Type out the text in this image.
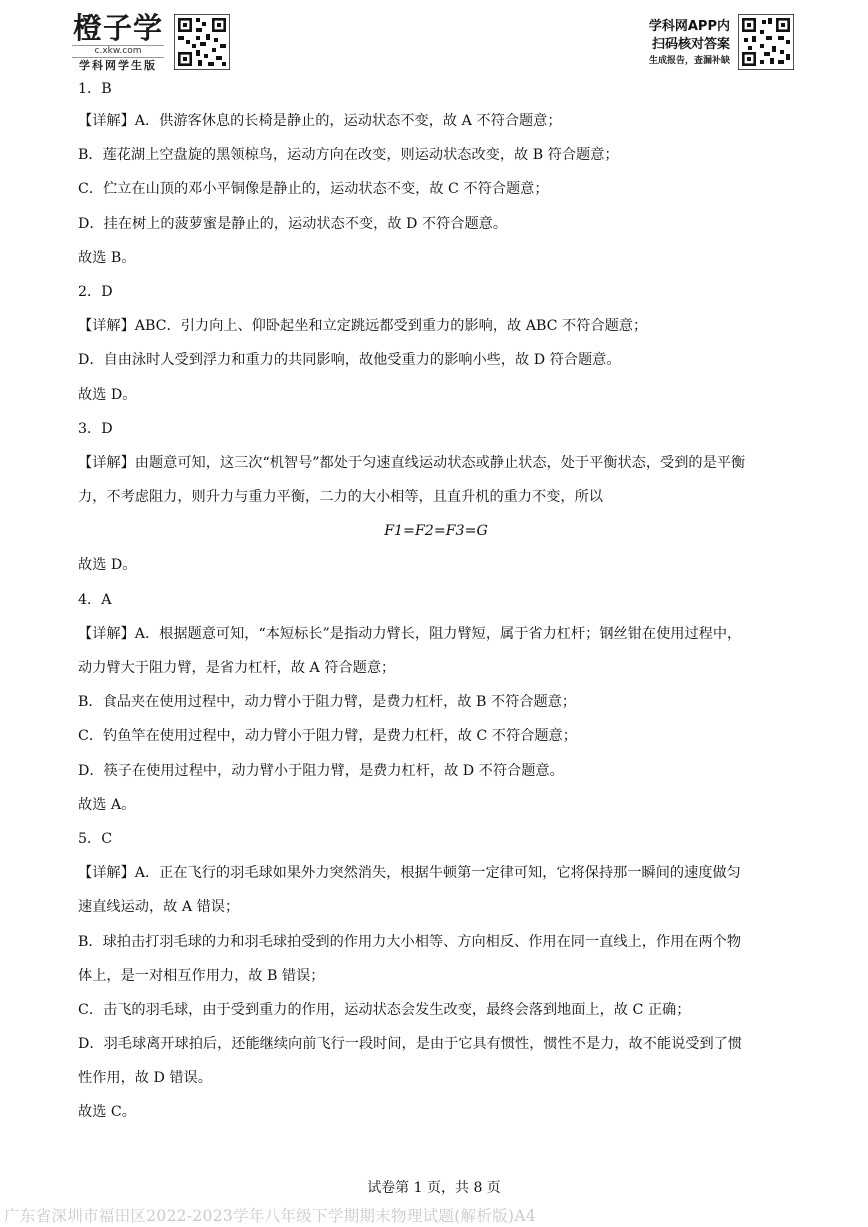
橙子学
c.xkw.com
学科网学生版
学科网APP内
扫码核对答案
生成报告，查漏补缺
1．B
【详解】A．供游客休息的长椅是静止的，运动状态不变，故 A 不符合题意；
B．莲花湖上空盘旋的黑领椋鸟，运动方向在改变，则运动状态改变，故 B 符合题意；
C．伫立在山顶的邓小平铜像是静止的，运动状态不变，故 C 不符合题意；
D．挂在树上的菠萝蜜是静止的，运动状态不变，故 D 不符合题意。
故选 B。
2．D
【详解】ABC．引力向上、仰卧起坐和立定跳远都受到重力的影响，故 ABC 不符合题意；
D．自由泳时人受到浮力和重力的共同影响，故他受重力的影响小些，故 D 符合题意。
故选 D。
3．D
【详解】由题意可知，这三次“机智号”都处于匀速直线运动状态或静止状态，处于平衡状态，受到的是平衡
力，不考虑阻力，则升力与重力平衡，二力的大小相等，且直升机的重力不变，所以
F1=F2=F3=G
故选 D。
4．A
【详解】A．根据题意可知，“本短标长”是指动力臂长，阻力臂短，属于省力杠杆；钢丝钳在使用过程中，
动力臂大于阻力臂，是省力杠杆，故 A 符合题意；
B．食品夹在使用过程中，动力臂小于阻力臂，是费力杠杆，故 B 不符合题意；
C．钓鱼竿在使用过程中，动力臂小于阻力臂，是费力杠杆，故 C 不符合题意；
D．筷子在使用过程中，动力臂小于阻力臂，是费力杠杆，故 D 不符合题意。
故选 A。
5．C
【详解】A．正在飞行的羽毛球如果外力突然消失，根据牛顿第一定律可知，它将保持那一瞬间的速度做匀
速直线运动，故 A 错误；
B．球拍击打羽毛球的力和羽毛球拍受到的作用力大小相等、方向相反、作用在同一直线上，作用在两个物
体上，是一对相互作用力，故 B 错误；
C．击飞的羽毛球，由于受到重力的作用，运动状态会发生改变，最终会落到地面上，故 C 正确；
D．羽毛球离开球拍后，还能继续向前飞行一段时间，是由于它具有惯性，惯性不是力，故不能说受到了惯
性作用，故 D 错误。
故选 C。
试卷第 1 页，共 8 页
广东省深圳市福田区2022-2023学年八年级下学期期末物理试题(解析版)A4
